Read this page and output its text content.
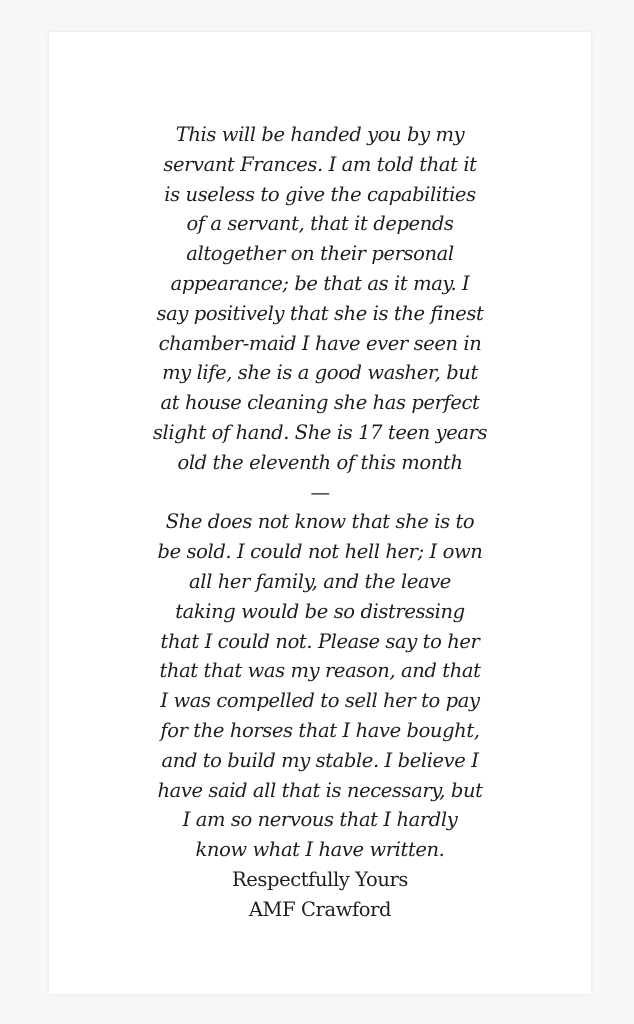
This will be handed you by my
servant Frances. I am told that it
is useless to give the capabilities
of a servant, that it depends
altogether on their personal
appearance; be that as it may. I
say positively that she is the finest
chamber-maid I have ever seen in
my life, she is a good washer, but
at house cleaning she has perfect
slight of hand. She is 17 teen years
old the eleventh of this month
—
She does not know that she is to
be sold. I could not hell her; I own
all her family, and the leave
taking would be so distressing
that I could not. Please say to her
that that was my reason, and that
I was compelled to sell her to pay
for the horses that I have bought,
and to build my stable. I believe I
have said all that is necessary, but
I am so nervous that I hardly
know what I have written.
Respectfully Yours
AMF Crawford
